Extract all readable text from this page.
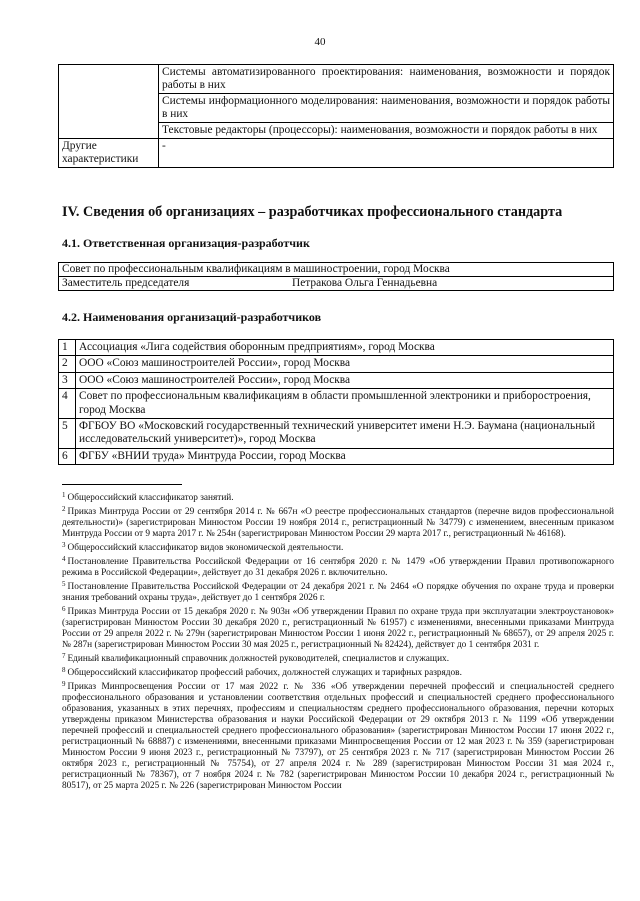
40
	Системы автоматизированного проектирования: наименования, возможности и порядок работы в них
	Системы информационного моделирования: наименования, возможности и порядок работы в них
	Текстовые редакторы (процессоры): наименования, возможности и порядок работы в них
Другие характеристики	-
IV. Сведения об организациях – разработчиках профессионального стандарта
4.1. Ответственная организация-разработчик
Совет по профессиональным квалификациям в машиностроении, город Москва

Заместитель председателя	Петракова Ольга Геннадьевна
4.2. Наименования организаций-разработчиков
1	Ассоциация «Лига содействия оборонным предприятиям», город Москва
2	ООО «Союз машиностроителей России», город Москва
3	ООО «Союз машиностроителей России», город Москва
4	Совет по профессиональным квалификациям в области промышленной электроники и приборостроения, город Москва
5	ФГБОУ ВО «Московский государственный технический университет имени Н.Э. Баумана (национальный исследовательский университет)», город Москва
6	ФГБУ «ВНИИ труда» Минтруда России, город Москва

$^1$ Общероссийский классификатор занятий.

$^2$ Приказ Минтруда России от 29 сентября 2014 г. № 667н «О реестре профессиональных стандартов (перечне видов профессиональной деятельности)» (зарегистрирован Минюстом России 19 ноября 2014 г., регистрационный № 34779) с изменением, внесенным приказом Минтруда России от 9 марта 2017 г. № 254н (зарегистрирован Минюстом России 29 марта 2017 г., регистрационный № 46168).

$^3$ Общероссийский классификатор видов экономической деятельности.

$^4$ Постановление Правительства Российской Федерации от 16 сентября 2020 г. № 1479 «Об утверждении Правил противопожарного режима в Российской Федерации», действует до 31 декабря 2026 г. включительно.

$^5$ Постановление Правительства Российской Федерации от 24 декабря 2021 г. № 2464 «О порядке обучения по охране труда и проверки знания требований охраны труда», действует до 1 сентября 2026 г.

$^6$ Приказ Минтруда России от 15 декабря 2020 г. № 903н «Об утверждении Правил по охране труда при эксплуатации электроустановок» (зарегистрирован Минюстом России 30 декабря 2020 г., регистрационный № 61957) с изменениями, внесенными приказами Минтруда России от 29 апреля 2022 г. № 279н (зарегистрирован Минюстом России 1 июня 2022 г., регистрационный № 68657), от 29 апреля 2025 г. № 287н (зарегистрирован Минюстом России 30 мая 2025 г., регистрационный № 82424), действует до 1 сентября 2031 г.

$^7$ Единый квалификационный справочник должностей руководителей, специалистов и служащих.

$^8$ Общероссийский классификатор профессий рабочих, должностей служащих и тарифных разрядов.

$^9$ Приказ Минпросвещения России от 17 мая 2022 г. № 336 «Об утверждении перечней профессий и специальностей среднего профессионального образования и установлении соответствия отдельных профессий и специальностей среднего профессионального образования, указанных в этих перечнях, профессиям и специальностям среднего профессионального образования, перечни которых утверждены приказом Министерства образования и науки Российской Федерации от 29 октября 2013 г. № 1199 «Об утверждении перечней профессий и специальностей среднего профессионального образования» (зарегистрирован Минюстом России 17 июня 2022 г., регистрационный № 68887) с изменениями, внесенными приказами Минпросвещения России от 12 мая 2023 г. № 359 (зарегистрирован Минюстом России 9 июня 2023 г., регистрационный № 73797), от 25 сентября 2023 г. № 717 (зарегистрирован Минюстом России 26 октября 2023 г., регистрационный № 75754), от 27 апреля 2024 г. № 289 (зарегистрирован Минюстом России 31 мая 2024 г., регистрационный № 78367), от 7 ноября 2024 г. № 782 (зарегистрирован Минюстом России 10 декабря 2024 г., регистрационный № 80517), от 25 марта 2025 г. № 226 (зарегистрирован Минюстом России
